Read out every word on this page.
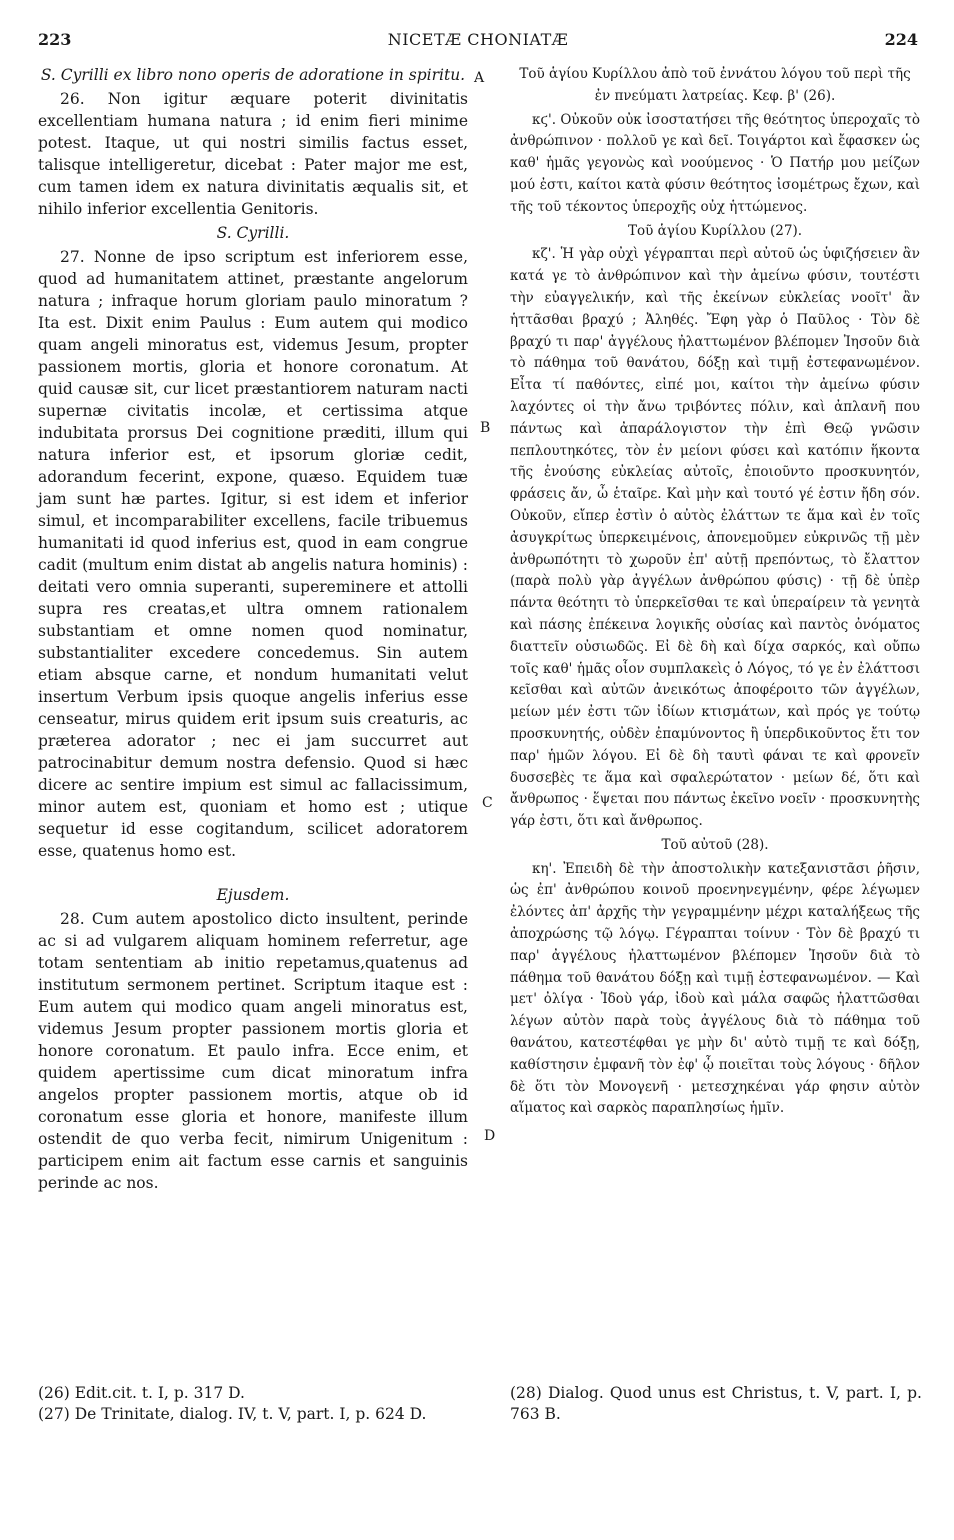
223	NICETÆ CHONIATÆ	224

S. Cyrilli ex libro nono operis de adoratione in spiritu.

26. Non igitur æquare poterit divinitatis excellentiam humana natura ; id enim fieri minime potest. Itaque, ut qui nostri similis factus esset, talisque intelligeretur, dicebat : Pater major me est, cum tamen idem ex natura divinitatis æqualis sit, et nihilo inferior excellentia Genitoris.

S. Cyrilli.

27. Nonne de ipso scriptum est inferiorem esse, quod ad humanitatem attinet, præstante angelorum natura ; infraque horum gloriam paulo minoratum ? Ita est. Dixit enim Paulus : Eum autem qui modico quam angeli minoratus est, videmus Jesum, propter passionem mortis, gloria et honore coronatum. At quid causæ sit, cur licet præstantiorem naturam nacti supernæ civitatis incolæ, et certissima atque indubitata prorsus Dei cognitione præditi, illum qui natura inferior est, et ipsorum gloriæ cedit, adorandum fecerint, expone, quæso. Equidem tuæ jam sunt hæ partes. Igitur, si est idem et inferior simul, et incomparabiliter excellens, facile tribuemus humanitati id quod inferius est, quod in eam congrue cadit (multum enim distat ab angelis natura hominis) : deitati vero omnia superanti, supereminere et attolli supra res creatas,et ultra omnem rationalem substantiam et omne nomen quod nominatur, substantialiter excedere concedemus. Sin autem etiam absque carne, et nondum humanitati velut insertum Verbum ipsis quoque angelis inferius esse censeatur, mirus quidem erit ipsum suis creaturis, ac præterea adorator ; nec ei jam succurret aut patrocinabitur demum nostra defensio. Quod si hæc dicere ac sentire impium est simul ac fallacissimum, minor autem est, quoniam et homo est ; utique sequetur id esse cogitandum, scilicet adoratorem esse, quatenus homo est.

Ejusdem.

28. Cum autem apostolico dicto insultent, perinde ac si ad vulgarem aliquam hominem referretur, age totam sententiam ab initio repetamus,quatenus ad institutum sermonem pertinet. Scriptum itaque est : Eum autem qui modico quam angeli minoratus est, videmus Jesum propter passionem mortis gloria et honore coronatum. Et paulo infra. Ecce enim, et quidem apertissime cum dicat minoratum infra angelos propter passionem mortis, atque ob id coronatum esse gloria et honore, manifeste illum ostendit de quo verba fecit, nimirum Unigenitum : participem enim ait factum esse carnis et sanguinis perinde ac nos.

A
B
C
D

Τοῦ ἁγίου Κυρίλλου ἀπὸ τοῦ ἐννάτου λόγου τοῦ περὶ τῆς ἐν πνεύματι λατρείας. Κεφ. β' (26).

κϛ'. Οὐκοῦν οὐκ ἰσοστατήσει τῆς θεότητος ὑπεροχαῖς τὸ ἀνθρώπινον · πολλοῦ γε καὶ δεῖ. Τοιγάρτοι καὶ ἔφασκεν ὡς καθ' ἡμᾶς γεγονὼς καὶ νοούμενος · Ὁ Πατήρ μου μείζων μού ἐστι, καίτοι κατὰ φύσιν θεότητος ἰσομέτρως ἔχων, καὶ τῆς τοῦ τέκοντος ὑπεροχῆς οὐχ ἡττώμενος.

Τοῦ ἁγίου Κυρίλλου (27).

κζ'. Ἡ γὰρ οὐχὶ γέγραπται περὶ αὐτοῦ ὡς ὑφιζήσειεν ἂν κατά γε τὸ ἀνθρώπινον καὶ τὴν ἀμείνω φύσιν, τουτέστι τὴν εὐαγγελικήν, καὶ τῆς ἐκείνων εὐκλείας νοοῖτ' ἂν ἡττᾶσθαι βραχύ ; Ἀληθές. Ἔφη γὰρ ὁ Παῦλος · Τὸν δὲ βραχύ τι παρ' ἀγγέλους ἠλαττωμένον βλέπομεν Ἰησοῦν διὰ τὸ πάθημα τοῦ θανάτου, δόξῃ καὶ τιμῇ ἐστεφανωμένον. Εἶτα τί παθόντες, εἰπέ μοι, καίτοι τὴν ἀμείνω φύσιν λαχόντες οἱ τὴν ἄνω τριβόντες πόλιν, καὶ ἀπλανῆ που πάντως καὶ ἀπαράλογιστον τὴν ἐπὶ Θεῷ γνῶσιν πεπλουτηκότες, τὸν ἐν μείονι φύσει καὶ κατόπιν ἥκοντα τῆς ἐνούσης εὐκλείας αὐτοῖς, ἐποιοῦντο προσκυνητόν, φράσεις ἄν, ὦ ἑταῖρε. Καὶ μὴν καὶ τουτό γέ ἐστιν ἤδη σόν. Οὐκοῦν, εἴπερ ἐστὶν ὁ αὐτὸς ἐλάττων τε ἅμα καὶ ἐν τοῖς ἀσυγκρίτως ὑπερκειμένοις, ἀπονεμοῦμεν εὐκρινῶς τῇ μὲν ἀνθρωπότητι τὸ χωροῦν ἐπ' αὐτῇ πρεπόντως, τὸ ἔλαττον (παρὰ πολὺ γὰρ ἀγγέλων ἀνθρώπου φύσις) · τῇ δὲ ὑπὲρ πάντα θεότητι τὸ ὑπερκεῖσθαι τε καὶ ὑπεραίρειν τὰ γενητὰ καὶ πάσης ἐπέκεινα λογικῆς οὐσίας καὶ παντὸς ὀνόματος διαττεῖν οὐσιωδῶς. Εἰ δὲ δὴ καὶ δίχα σαρκός, καὶ οὔπω τοῖς καθ' ἡμᾶς οἷον συμπλακεὶς ὁ Λόγος, τό γε ἐν ἐλάττοσι κεῖσθαι καὶ αὐτῶν ἀνεικότως ἀποφέροιτο τῶν ἀγγέλων, μείων μέν ἐστι τῶν ἰδίων κτισμάτων, καὶ πρός γε τούτῳ προσκυνητής, οὐδὲν ἐπαμύνοντος ἢ ὑπερδικοῦντος ἔτι τον παρ' ἡμῶν λόγου. Εἰ δὲ δὴ ταυτὶ φάναι τε καὶ φρονεῖν δυσσεβὲς τε ἅμα καὶ σφαλερώτατον · μείων δέ, ὅτι καὶ ἄνθρωπος · ἕψεται που πάντως ἐκεῖνο νοεῖν · προσκυνητὴς γάρ ἐστι, ὅτι καὶ ἄνθρωπος.

Τοῦ αὐτοῦ (28).

κη'. Ἐπειδὴ δὲ τὴν ἀποστολικὴν κατεξανιστᾶσι ῥῆσιν, ὡς ἐπ' ἀνθρώπου κοινοῦ προενηνεγμένην, φέρε λέγωμεν ἐλόντες ἀπ' ἀρχῆς τὴν γεγραμμένην μέχρι καταλήξεως τῆς ἀποχρώσης τῷ λόγῳ. Γέγραπται τοίνυν · Τὸν δὲ βραχύ τι παρ' ἀγγέλους ἠλαττωμένον βλέπομεν Ἰησοῦν διὰ τὸ πάθημα τοῦ θανάτου δόξῃ καὶ τιμῇ ἐστεφανωμένον. — Καὶ μετ' ὀλίγα · Ἰδοὺ γάρ, ἰδοὺ καὶ μάλα σαφῶς ἠλαττῶσθαι λέγων αὐτὸν παρὰ τοὺς ἀγγέλους διὰ τὸ πάθημα τοῦ θανάτου, κατεστέφθαι γε μὴν δι' αὐτὸ τιμῇ τε καὶ δόξῃ, καθίστησιν ἐμφανῆ τὸν ἐφ' ᾧ ποιεῖται τοὺς λόγους · δῆλον δὲ ὅτι τὸν Μονογενῆ · μετεσχηκέναι γάρ φησιν αὐτὸν αἵματος καὶ σαρκὸς παραπλησίως ἡμῖν.

(26) Edit.cit. t. I, p. 317 D.

(27) De Trinitate, dialog. IV, t. V, part. I, p. 624 D.

(28) Dialog. Quod unus est Christus, t. V, part. I, p. 763 B.
